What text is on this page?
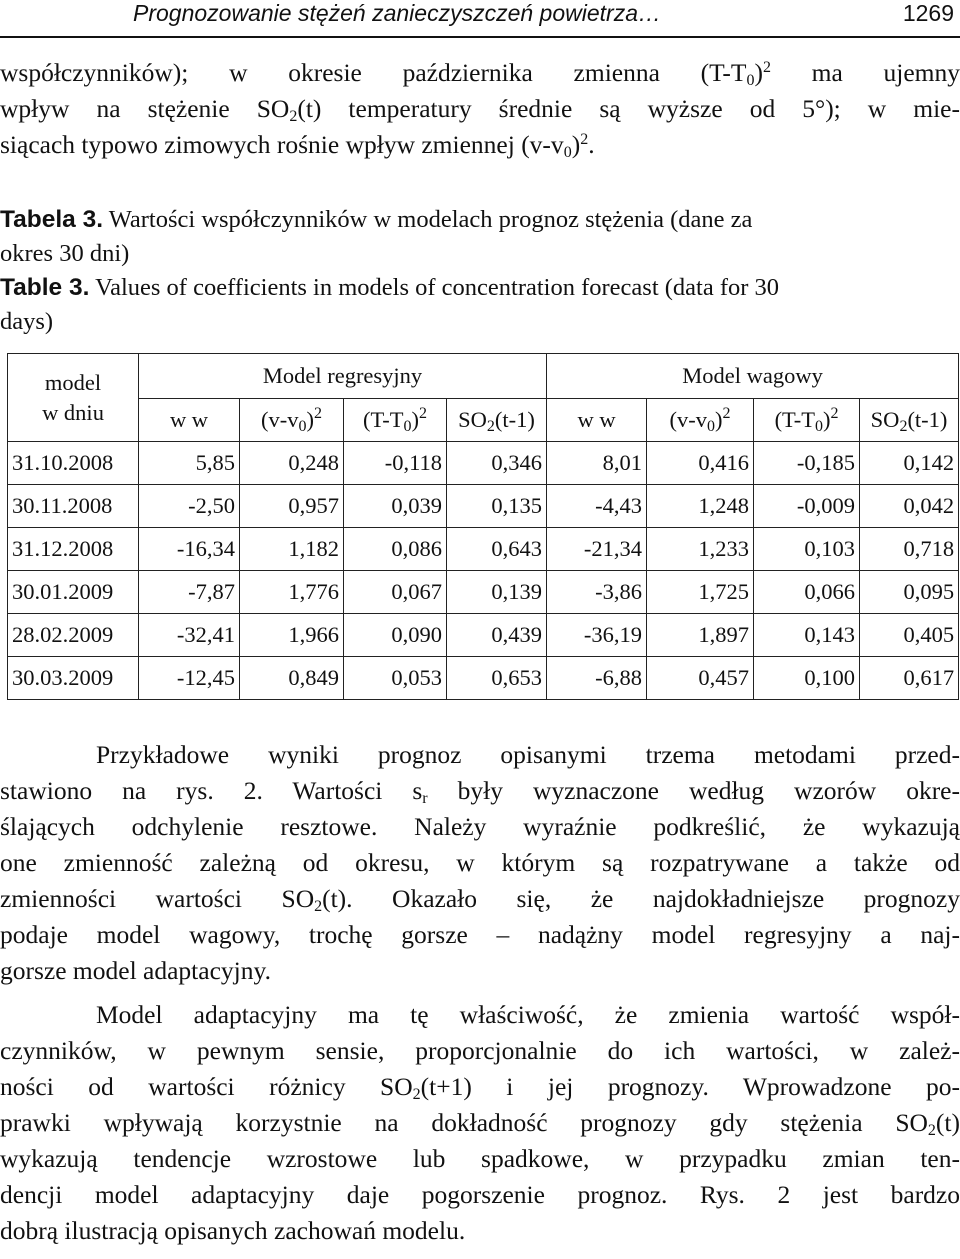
Prognozowanie stężeń zanieczyszczeń powietrza…	1269
współczynników); w okresie października zmienna $(T-T_0)^2$ ma ujemny
wpływ na stężenie $SO_2(t)$ temperatury średnie są wyższe od 5°); w mie-
siącach typowo zimowych rośnie wpływ zmiennej $(v-v_0)^2$.
Tabela 3. Wartości współczynników w modelach prognoz stężenia (dane za
okres 30 dni)
Table 3. Values of coefficients in models of concentration forecast (data for 30
days)
model
w dniu	Model regresyjny				Model wagowy			
	w w	$(v-v_0)^2$	$(T-T_0)^2$	$SO_2(t-1)$	w w	$(v-v_0)^2$	$(T-T_0)^2$	$SO_2(t-1)$
31.10.2008	5,85	0,248	-0,118	0,346	8,01	0,416	-0,185	0,142
30.11.2008	-2,50	0,957	0,039	0,135	-4,43	1,248	-0,009	0,042
31.12.2008	-16,34	1,182	0,086	0,643	-21,34	1,233	0,103	0,718
30.01.2009	-7,87	1,776	0,067	0,139	-3,86	1,725	0,066	0,095
28.02.2009	-32,41	1,966	0,090	0,439	-36,19	1,897	0,143	0,405
30.03.2009	-12,45	0,849	0,053	0,653	-6,88	0,457	0,100	0,617
Przykładowe wyniki prognoz opisanymi trzema metodami przed-
stawiono na rys. 2. Wartości $s_r$ były wyznaczone według wzorów okre-
ślających odchylenie resztowe. Należy wyraźnie podkreślić, że wykazują
one zmienność zależną od okresu, w którym są rozpatrywane a także od
zmienności wartości $SO_2(t)$. Okazało się, że najdokładniejsze prognozy
podaje model wagowy, trochę gorsze – nadążny model regresyjny a naj-
gorsze model adaptacyjny.
Model adaptacyjny ma tę właściwość, że zmienia wartość współ-
czynników, w pewnym sensie, proporcjonalnie do ich wartości, w zależ-
ności od wartości różnicy $SO_2(t+1)$ i jej prognozy. Wprowadzone po-
prawki wpływają korzystnie na dokładność prognozy gdy stężenia $SO_2(t)$
wykazują tendencje wzrostowe lub spadkowe, w przypadku zmian ten-
dencji model adaptacyjny daje pogorszenie prognoz. Rys. 2 jest bardzo
dobrą ilustracją opisanych zachowań modelu.
